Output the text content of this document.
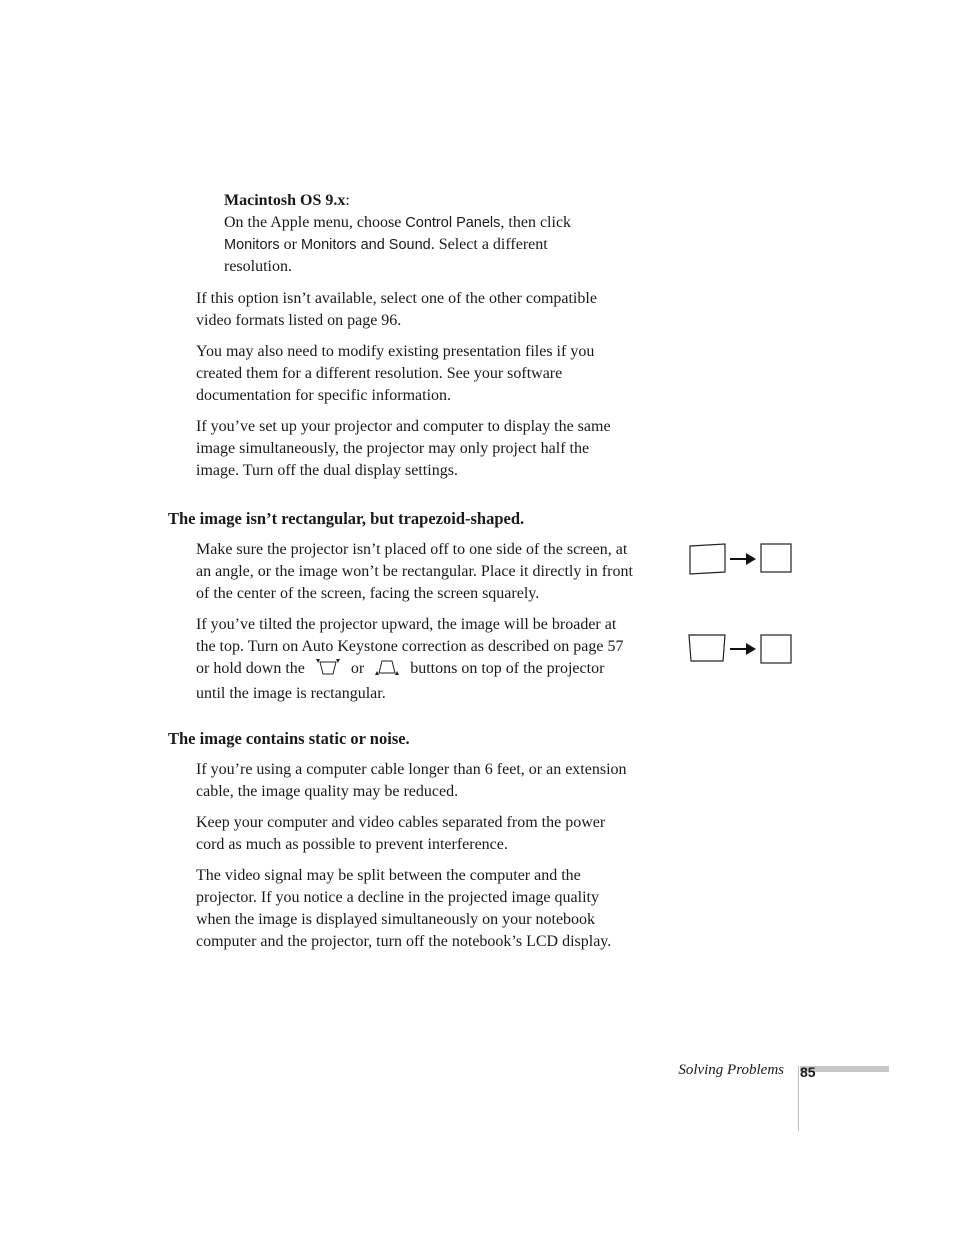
Macintosh OS 9.x:
On the Apple menu, choose Control Panels, then click
Monitors or Monitors and Sound. Select a different
resolution.

If this option isn’t available, select one of the other compatible video formats listed on page 96.

You may also need to modify existing presentation files if you created them for a different resolution. See your software documentation for specific information.

If you’ve set up your projector and computer to display the same image simultaneously, the projector may only project half the image. Turn off the dual display settings.

The image isn’t rectangular, but trapezoid-shaped.

Make sure the projector isn’t placed off to one side of the screen, at an angle, or the image won’t be rectangular. Place it directly in front of the center of the screen, facing the screen squarely.

If you’ve tilted the projector upward, the image will be broader at the top. Turn on Auto Keystone correction as described on page 57 or hold down the	or	buttons on top of the projector until the image is rectangular.

The image contains static or noise.

If you’re using a computer cable longer than 6 feet, or an extension cable, the image quality may be reduced.

Keep your computer and video cables separated from the power cord as much as possible to prevent interference.

The video signal may be split between the computer and the projector. If you notice a decline in the projected image quality when the image is displayed simultaneously on your notebook computer and the projector, turn off the notebook’s LCD display.

Solving Problems 85
